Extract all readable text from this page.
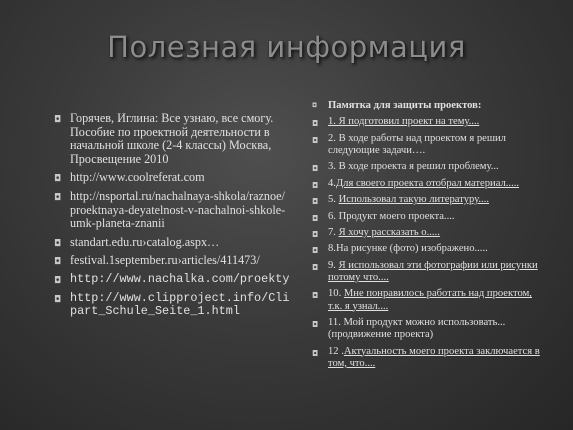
Полезная информация
◘ Горячев, Иглина: Все узнаю, все смогу. Пособие по проектной деятельности в начальной школе (2-4 классы) Москва, Просвещение 2010
◘ http://www.coolreferat.com
◘ http://nsportal.ru/nachalnaya-shkola/raznoe/proektnaya-deyatelnost-v-nachalnoi-shkole-umk-planeta-znanii
◘ standart.edu.ru›catalog.aspx…
◘ festival.1september.ru›articles/411473/
◘ http://www.nachalka.com/proekty
◘ http://www.clipproject.info/Clipart_Schule_Seite_1.html
◘ Памятка для защиты проектов:
◘ 1. Я подготовил проект на тему....
◘ 2. В ходе работы над проектом я решил следующие задачи….
◘ 3. В ходе проекта я решил проблему...
◘ 4.Для своего проекта отобрал материал.....
◘ 5. Использовал такую литературу....
◘ 6. Продукт моего проекта....
◘ 7. Я хочу рассказать о.....
◘ 8.На рисунке (фото) изображено.....
◘ 9. Я использовал эти фотографии или рисунки потому что....
◘ 10. Мне понравилось работать над проектом, т.к. я узнал....
◘ 11. Мой продукт можно использовать...(продвижение проекта)
◘ 12 .Актуальность моего проекта заключается в том, что....
